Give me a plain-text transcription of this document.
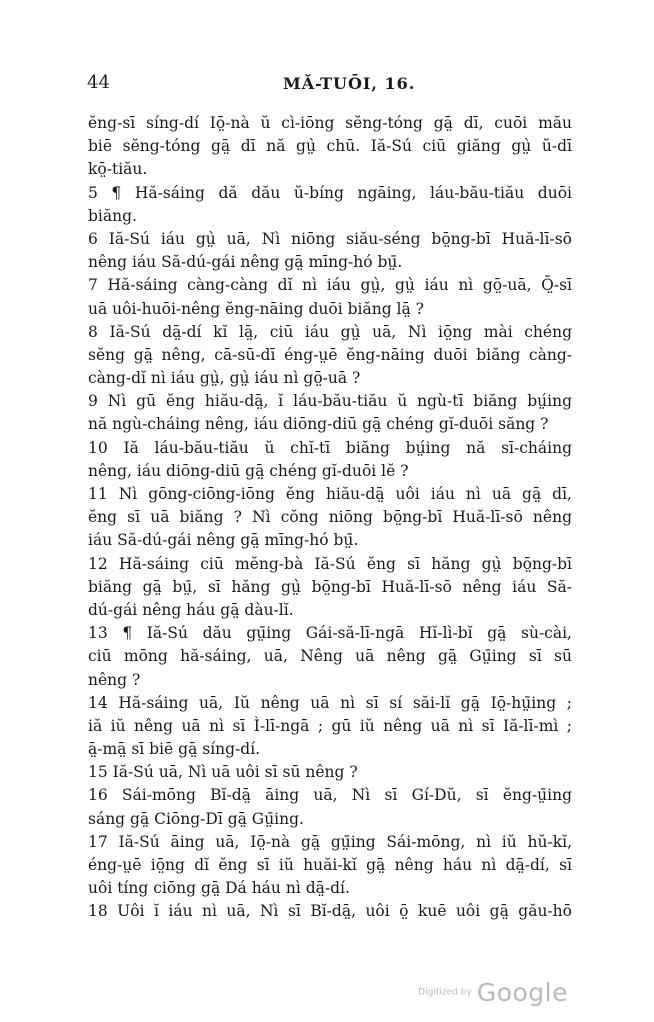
44	MĂ-TUŌI, 16.
ĕng-sī síng-dí Iō̤-nà ŭ cì-iōng sĕng-tóng gā̤ dī, cuōi mău
biē sĕng-tóng gā̤ dī nă gṳ̀ chū. Iă-Sú ciū giăng gṳ̀ ŭ-dī
kō̤-tiău.
5 ¶ Hă-sáing dă dău ŭ-bíng ngāing, láu-bău-tiău duōi
biăng.
6 Iă-Sú iáu gṳ̀ uā, Nì niōng siău-séng bō̤ng-bī Huă-lī-sō
nêng iáu Să-dú-gái nêng gā̤ mīng-hó bṳ̄.
7 Hă-sáing càng-càng dĭ nì iáu gṳ̀, gṳ̀ iáu nì gō̤-uā, Ō̤-sī
uā uôi-huōi-nêng ĕng-nāing duōi biăng lā̤ ?
8 Iă-Sú dā̤-dí kĭ lā̤, ciū iáu gṳ̀ uā, Nì iō̤ng mài chéng
sĕng gā̤ nêng, cā-sū-dī éng-ṳē ĕng-nāing duōi biăng càng-
càng-dĭ nì iáu gṳ̀, gṳ̀ iáu nì gō̤-uā ?
9 Nì gū ĕng hiău-dā̤, ĭ láu-bău-tiău ŭ ngù-tī biăng bṳ́ing
nă ngù-cháing nêng, iáu diōng-diū gā̤ chéng gĭ-duōi săng ?
10 Iă láu-bău-tiău ŭ chĭ-tī biăng bṳ́ing nă sī-cháing
nêng, iáu diōng-diū gā̤ chéng gĭ-duōi lĕ ?
11 Nì gōng-ciōng-iōng ĕng hiău-dā̤ uôi iáu nì uā gā̤ dī,
ĕng sī uā biăng ? Nì cŏng niōng bō̤ng-bī Huă-lī-sō nêng
iáu Să-dú-gái nêng gā̤ mīng-hó bṳ̄.
12 Hă-sáing ciū mĕng-bà Iă-Sú ĕng sī hăng gṳ̀ bō̤ng-bī
biăng gā̤ bṳ̄, sī hăng gṳ̀ bō̤ng-bī Huă-lī-sō nêng iáu Să-
dú-gái nêng háu gā̤ dàu-lĭ.
13 ¶ Iă-Sú dău gṳ̄ing Gái-să-lī-ngā Hĭ-lì-bĭ gā̤ sù-cài,
ciū mōng hă-sáing, uā, Nêng uā nêng gā̤ Gṳ̄ing sī sū
nêng ?
14 Hă-sáing uā, Iŭ nêng uā nì sī sí săi-lĭ gā̤ Iō̤-hṳ̄ing ;
iă iŭ nêng uā nì sī Ì-lī-ngā ; gū iŭ nêng uā nì sī Iă-lī-mì ;
ā̤-mā̤ sī biē gā̤ síng-dí.
15 Iă-Sú uā, Nì uā uôi sī sū nêng ?
16 Sái-mōng Bĭ-dā̤ āing uā, Nì sī Gí-Dŭ, sī ĕng-ṳ̄ing
sáng gā̤ Ciōng-Dī gā̤ Gṳ̄ing.
17 Iă-Sú āing uā, Iō̤-nà gā̤ gṳ̄ing Sái-mōng, nì iŭ hŭ-kĭ,
éng-ṳē iō̤ng dĭ ĕng sī iŭ huăi-kĭ gā̤ nêng háu nì dā̤-dí, sī
uôi tíng ciōng gā̤ Dá háu nì dā̤-dí.
18 Uôi ĭ iáu nì uā, Nì sī Bĭ-dā̤, uôi ō̤ kuē uôi gā̤ gău-hō
Digitized by Google
